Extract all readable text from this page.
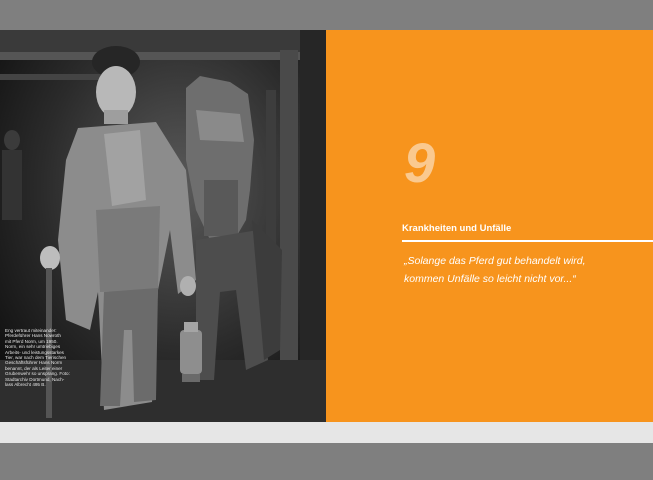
Eng vertraut miteinander:
Pferdeführer Hans Nowroth
mit Pferd Norm, um 1950.
Norm, ein sehr umtriebiges
Arbeits- und leistungsstarkes
Tier, war nach dem Tierischen
Geschäftsführer Hans Norm
benannt, der als Leiter einer
Grubenwehr so unsprang. Foto:
Stadtarchiv Dortmund, Nach-
lass Albrecht 495 B.
9
Krankheiten und Unfälle
„Solange das Pferd gut behandelt wird,
kommen Unfälle so leicht nicht vor...“
